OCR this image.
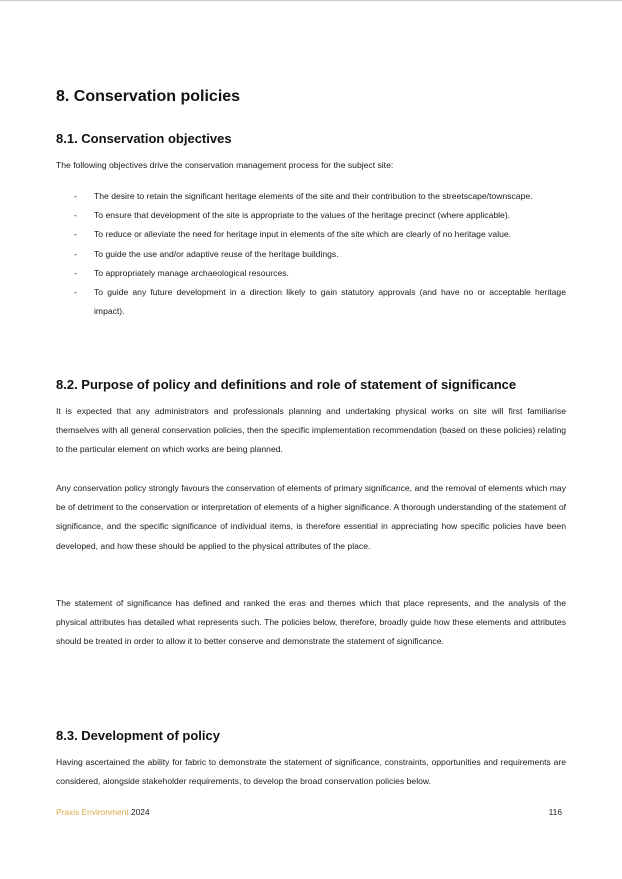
8. Conservation policies
8.1. Conservation objectives

The following objectives drive the conservation management process for the subject site:

- The desire to retain the significant heritage elements of the site and their contribution to the streetscape/townscape.
- To ensure that development of the site is appropriate to the values of the heritage precinct (where applicable).
- To reduce or alleviate the need for heritage input in elements of the site which are clearly of no heritage value.
- To guide the use and/or adaptive reuse of the heritage buildings.
- To appropriately manage archaeological resources.
- To guide any future development in a direction likely to gain statutory approvals (and have no or acceptable heritage impact).
8.2. Purpose of policy and definitions and role of statement of significance

It is expected that any administrators and professionals planning and undertaking physical works on site will first familiarise themselves with all general conservation policies, then the specific implementation recommendation (based on these policies) relating to the particular element on which works are being planned.

Any conservation policy strongly favours the conservation of elements of primary significance, and the removal of elements which may be of detriment to the conservation or interpretation of elements of a higher significance. A thorough understanding of the statement of significance, and the specific significance of individual items, is therefore essential in appreciating how specific policies have been developed, and how these should be applied to the physical attributes of the place.

The statement of significance has defined and ranked the eras and themes which that place represents, and the analysis of the physical attributes has detailed what represents such. The policies below, therefore, broadly guide how these elements and attributes should be treated in order to allow it to better conserve and demonstrate the statement of significance.

8.3. Development of policy

Having ascertained the ability for fabric to demonstrate the statement of significance, constraints, opportunities and requirements are considered, alongside stakeholder requirements, to develop the broad conservation policies below.

Praxis Environment 2024	116
